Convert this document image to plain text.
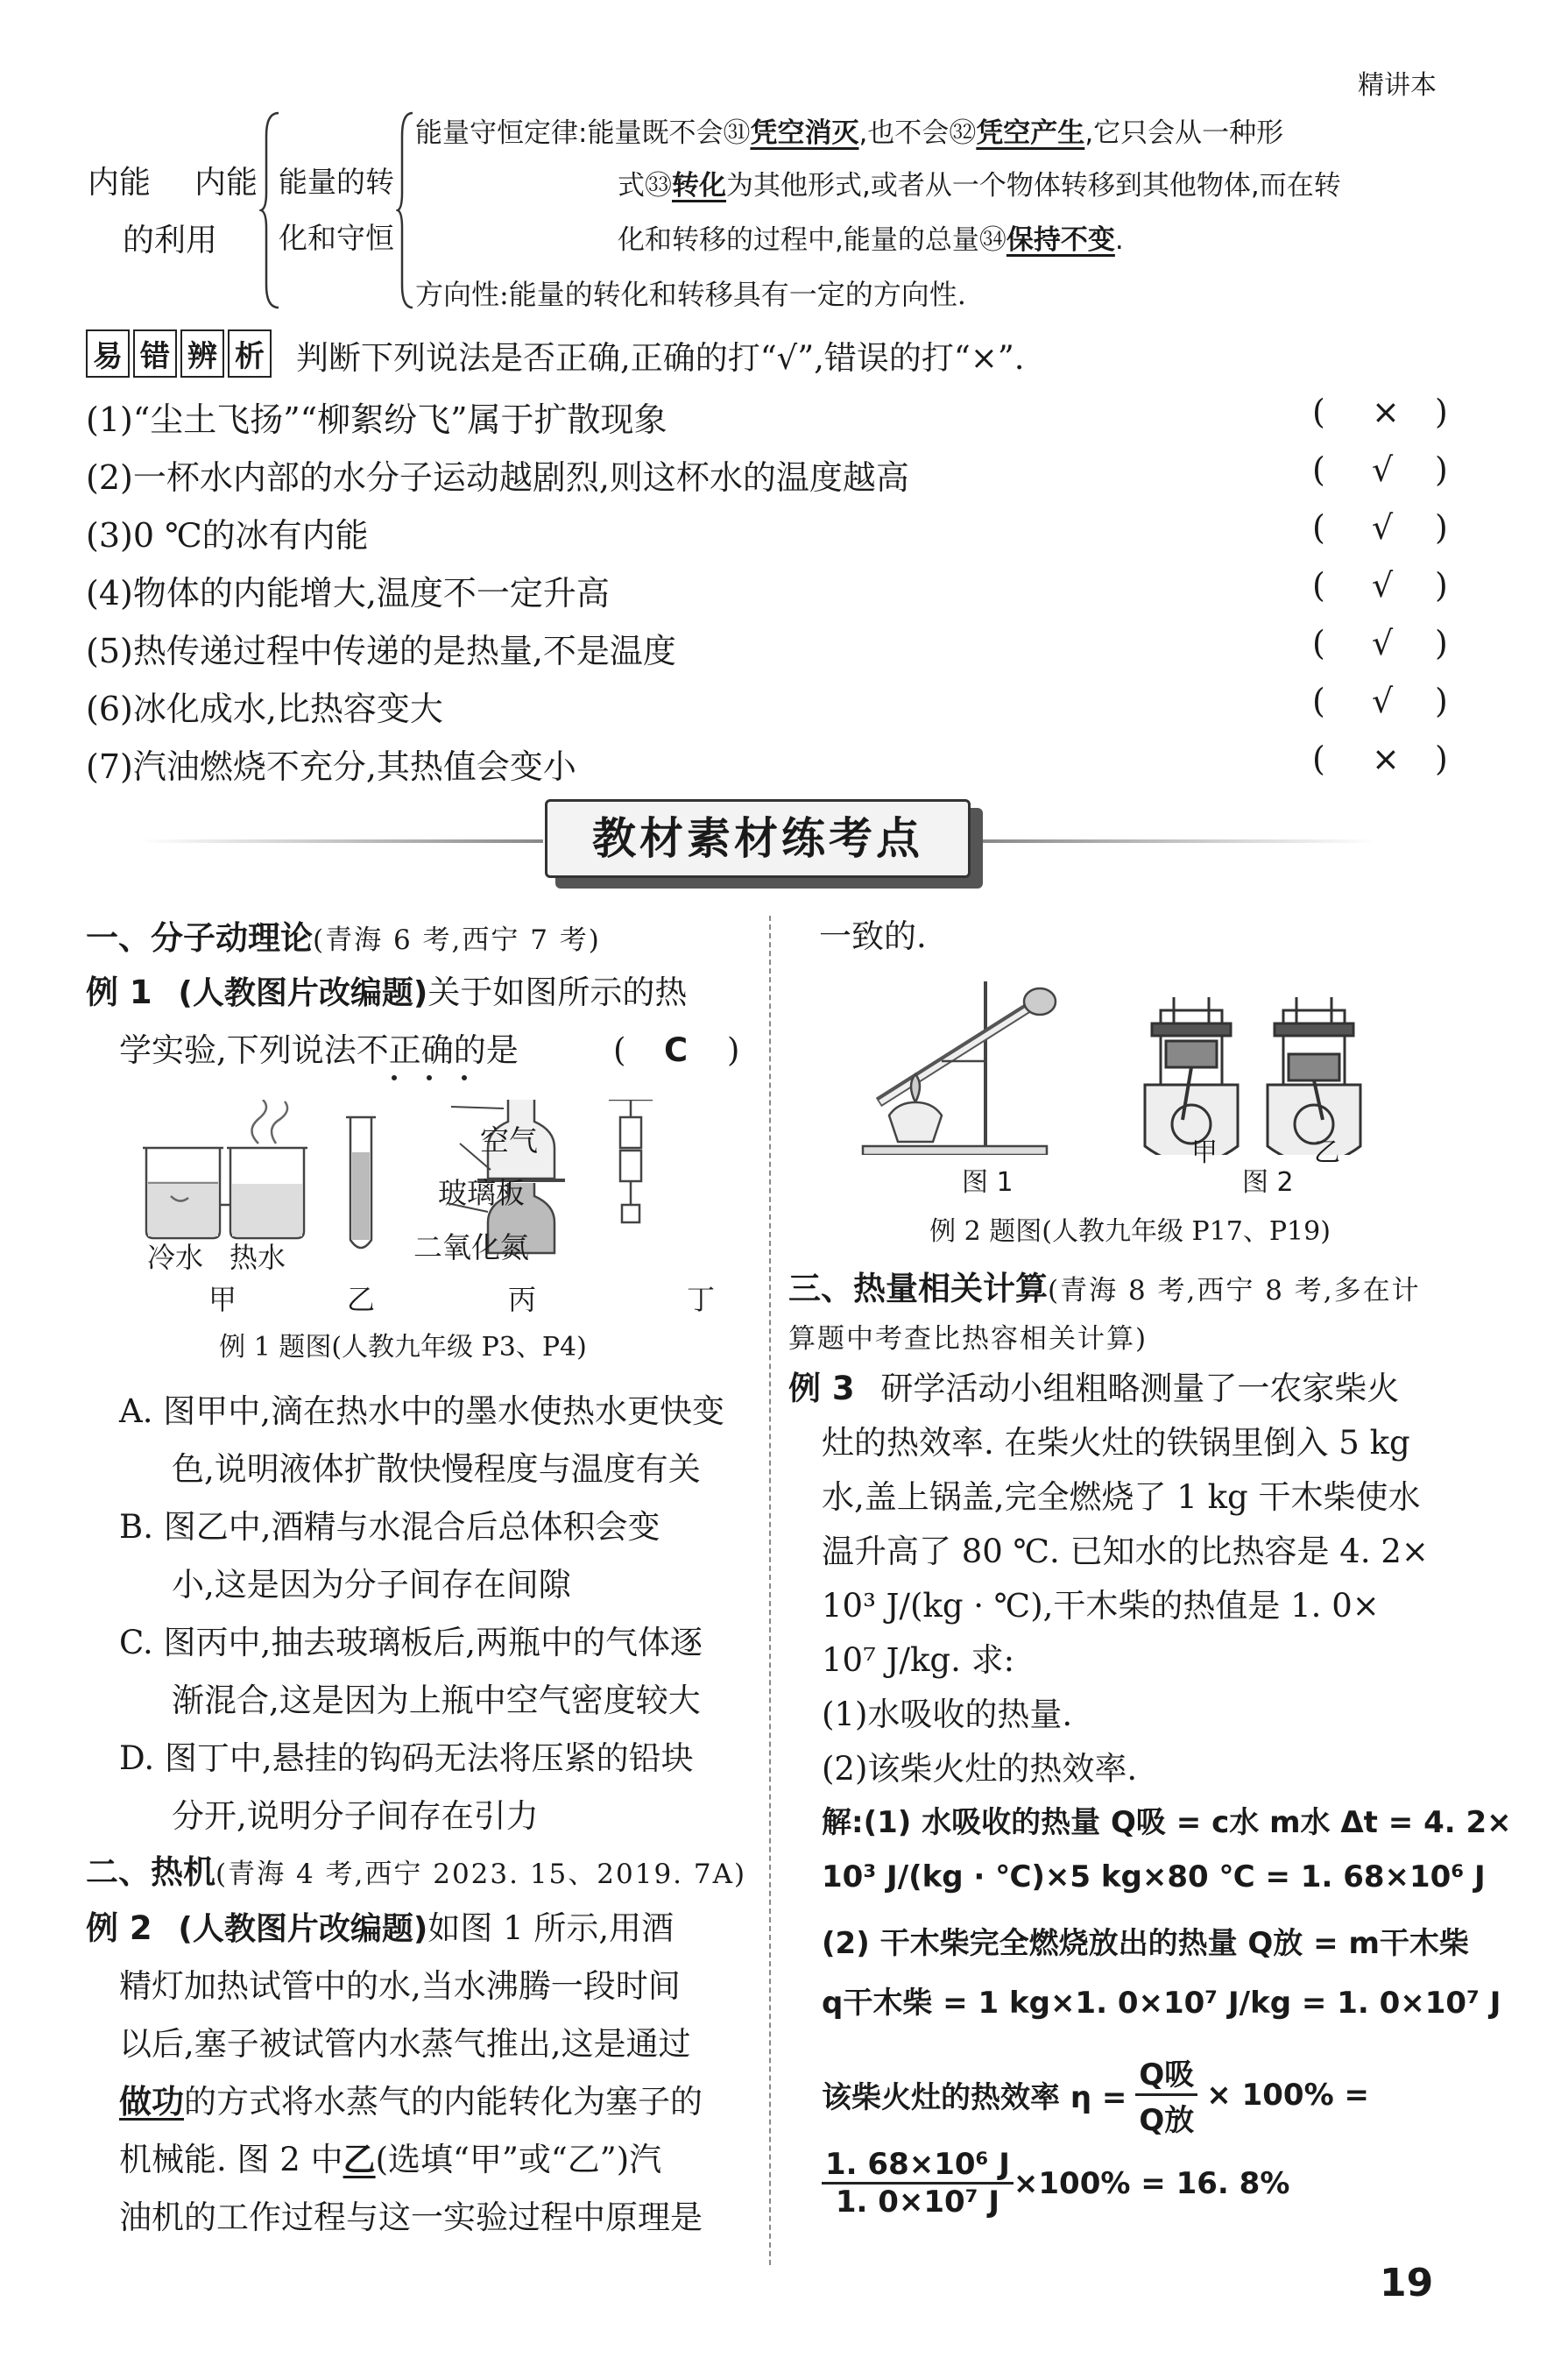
精讲本
内能
的利用
内能 能量的转
化和守恒
能量守恒定律:能量既不会㉛凭空消灭,也不会㉜凭空产生,它只会从一种形
式㉝转化为其他形式,或者从一个物体转移到其他物体,而在转
化和转移的过程中,能量的总量㉞保持不变.
方向性:能量的转化和转移具有一定的方向性.
易 错 辨 析 判断下列说法是否正确,正确的打“√”,错误的打“×”.
(1)“尘土飞扬”“柳絮纷飞”属于扩散现象	( × )
(2)一杯水内部的水分子运动越剧烈,则这杯水的温度越高	( √ )
(3)0 ℃的冰有内能	( √ )
(4)物体的内能增大,温度不一定升高	( √ )
(5)热传递过程中传递的是热量,不是温度	( √ )
(6)冰化成水,比热容变大	( √ )
(7)汽油燃烧不充分,其热值会变小	( × )
教材素材练考点
一、分子动理论(青海 6 考,西宁 7 考)
例 1 (人教图片改编题)关于如图所示的热
学实验,下列说法不正确的是	( C )
空气
玻璃板
二氧化氮
冷水 热水
甲	乙	丙	丁
例 1 题图(人教九年级 P3、P4)
A. 图甲中,滴在热水中的墨水使热水更快变
色,说明液体扩散快慢程度与温度有关
B. 图乙中,酒精与水混合后总体积会变
小,这是因为分子间存在间隙
C. 图丙中,抽去玻璃板后,两瓶中的气体逐
渐混合,这是因为上瓶中空气密度较大
D. 图丁中,悬挂的钩码无法将压紧的铅块
分开,说明分子间存在引力
二、热机(青海 4 考,西宁 2023. 15、2019. 7A)
例 2 (人教图片改编题)如图 1 所示,用酒
精灯加热试管中的水,当水沸腾一段时间
以后,塞子被试管内水蒸气推出,这是通过
做功的方式将水蒸气的内能转化为塞子的
机械能. 图 2 中乙(选填“甲”或“乙”)汽
油机的工作过程与这一实验过程中原理是
一致的.
甲	乙
图 1	图 2
例 2 题图(人教九年级 P17、P19)
三、热量相关计算(青海 8 考,西宁 8 考,多在计
算题中考查比热容相关计算)
例 3 研学活动小组粗略测量了一农家柴火
灶的热效率. 在柴火灶的铁锅里倒入 5 kg
水,盖上锅盖,完全燃烧了 1 kg 干木柴使水
温升高了 80 ℃. 已知水的比热容是 4. 2×
10³ J/(kg · ℃),干木柴的热值是 1. 0×
10⁷ J/kg. 求:
(1)水吸收的热量.
(2)该柴火灶的热效率.
解:(1) 水吸收的热量 Q吸 = c水 m水 Δt = 4. 2×
10³ J/(kg · ℃)×5 kg×80 ℃ = 1. 68×10⁶ J
(2) 干木柴完全燃烧放出的热量 Q放 = m干木柴
q干木柴 = 1 kg×1. 0×10⁷ J/kg = 1. 0×10⁷ J
该柴火灶的热效率 $\eta = \frac{\text{Q吸}}{\text{Q放}} \times 100\%$ =
$\frac{\text{1. 68×10⁶ J}}{\text{1. 0×10⁷ J}} \times 100\% = 16$. 8%
19
